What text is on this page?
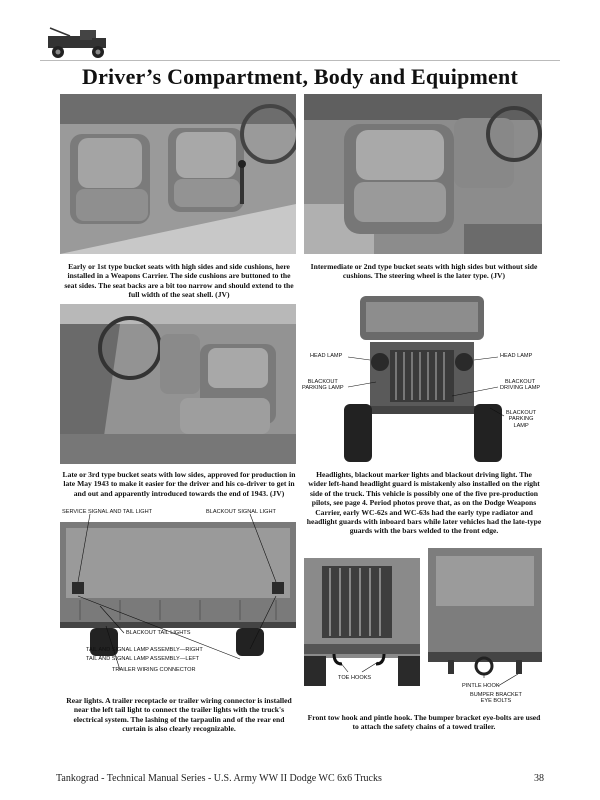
Driver’s Compartment, Body and Equipment
Early or 1st type bucket seats with high sides and side cushions, here installed in a Weapons Carrier. The side cushions are buttoned to the seat sides. The seat backs are a bit too narrow and should extend to the full width of the seat shell. (JV)
Intermediate or 2nd type bucket seats with high sides but without side cushions. The steering wheel is the later type. (JV)
HEAD LAMP	HEAD LAMP
BLACKOUT
PARKING LAMP
BLACKOUT
DRIVING LAMP
BLACKOUT
PARKING
LAMP
Late or 3rd type bucket seats with low sides, approved for production in late May 1943 to make it easier for the driver and his co-driver to get in and out and apparently introduced towards the end of 1943. (JV)
Headlights, blackout marker lights and blackout driving light. The wider left-hand headlight guard is mistakenly also installed on the right side of the truck. This vehicle is possibly one of the five pre-production pilots, see page 4. Period photos prove that, as on the Dodge Weapons Carrier, early WC-62s and WC-63s had the early type radiator and headlight guards with inboard bars while later vehicles had the late-type guards with the bars welded to the front edge.
SERVICE SIGNAL AND TAIL LIGHT	BLACKOUT SIGNAL LIGHT
BLACKOUT TAIL LIGHTS
TAIL AND SIGNAL LAMP ASSEMBLY—RIGHT
TAIL AND SIGNAL LAMP ASSEMBLY—LEFT
TRAILER WIRING CONNECTOR
TOE HOOKS
PINTLE HOOK
BUMPER BRACKET
EYE BOLTS
Rear lights. A trailer receptacle or trailer wiring connector is installed near the left tail light to connect the trailer lights with the truck's electrical system. The lashing of the tarpaulin and of the rear end curtain is also clearly recognizable.
Front tow hook and pintle hook. The bumper bracket eye-bolts are used to attach the safety chains of a towed trailer.
Tankograd - Technical Manual Series - U.S. Army WW II Dodge WC 6x6 Trucks	38
